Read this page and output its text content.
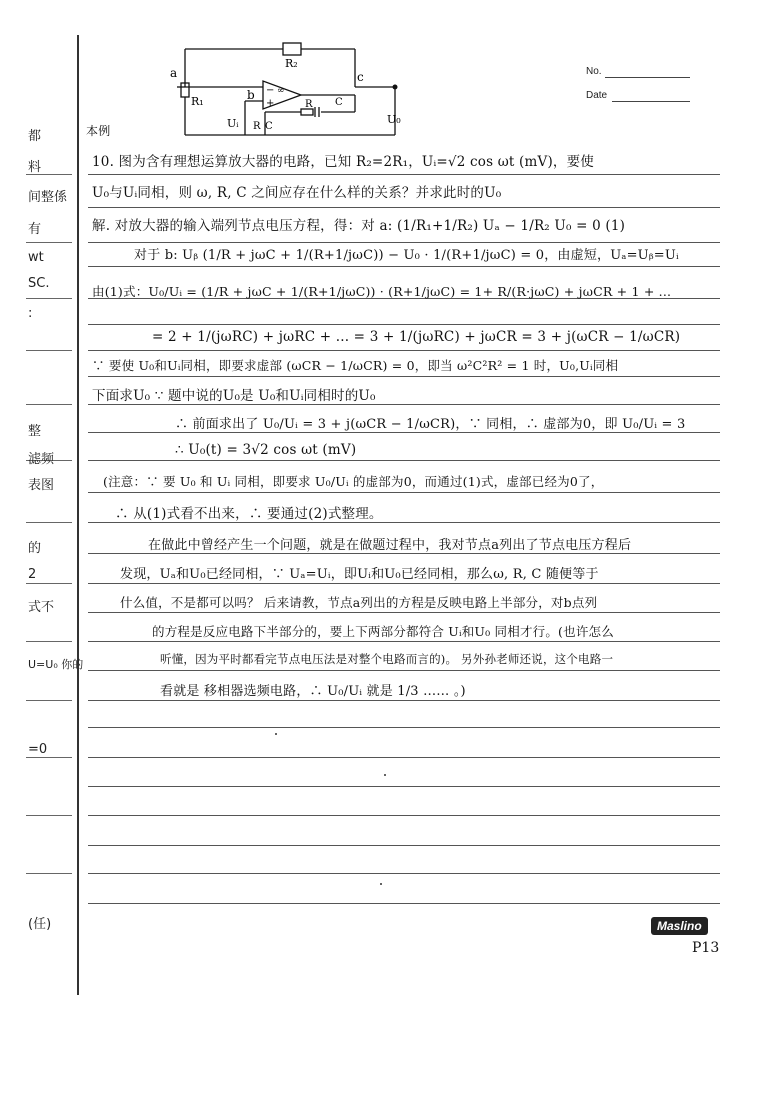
No.
Date
a
b
c
R₂
R₁	R C
C
R
Uᵢ	U₀
−
+
∞
都
料
间整係
有
wt
SC.
:
整
滤频
表图
的
2
式不
U=U₀ 你的
=0
(任)
本例
10. 图为含有理想运算放大器的电路，已知 R₂=2R₁，Uᵢ=√2 cos ωt (mV)，要使
U₀与Uᵢ同相，则 ω, R, C 之间应存在什么样的关系？并求此时的U₀
解. 对放大器的输入端列节点电压方程，得：对 a: (1/R₁+1/R₂) Uₐ − 1/R₂ U₀ = 0 (1)
对于 b: Uᵦ (1/R + jωC + 1/(R+1/jωC)) − U₀ · 1/(R+1/jωC) = 0，由虚短，Uₐ=Uᵦ=Uᵢ
由(1)式：U₀/Uᵢ = (1/R + jωC + 1/(R+1/jωC)) · (R+1/jωC) = 1+ R/(R·jωC) + jωCR + 1 + ...
= 2 + 1/(jωRC) + jωRC + ... = 3 + 1/(jωRC) + jωCR = 3 + j(ωCR − 1/ωCR)
∵ 要使 U₀和Uᵢ同相，即要求虚部 (ωCR − 1/ωCR) = 0，即当 ω²C²R² = 1 时，U₀,Uᵢ同相
下面求U₀ ∵ 题中说的U₀是 U₀和Uᵢ同相时的U₀
∴ 前面求出了 U₀/Uᵢ = 3 + j(ωCR − 1/ωCR)，∵ 同相，∴ 虚部为0，即 U₀/Uᵢ = 3
∴ U₀(t) = 3√2 cos ωt (mV)
(注意：∵ 要 U₀ 和 Uᵢ 同相，即要求 U₀/Uᵢ 的虚部为0，而通过(1)式，虚部已经为0了，
∴ 从(1)式看不出来，∴ 要通过(2)式整理。
在做此中曾经产生一个问题，就是在做题过程中，我对节点a列出了节点电压方程后
发现，Uₐ和U₀已经同相，∵ Uₐ=Uᵢ，即Uᵢ和U₀已经同相，那么ω, R, C 随便等于
什么值，不是都可以吗？ 后来请教，节点a列出的方程是反映电路上半部分，对b点列
的方程是反应电路下半部分的，要上下两部分都符合 Uᵢ和U₀ 同相才行。(也许怎么
听懂，因为平时都看完节点电压法是对整个电路而言的)。 另外孙老师还说，这个电路一
看就是 移相器选频电路，∴ U₀/Uᵢ 就是 1/3 …… 。)
Maslino
P13
